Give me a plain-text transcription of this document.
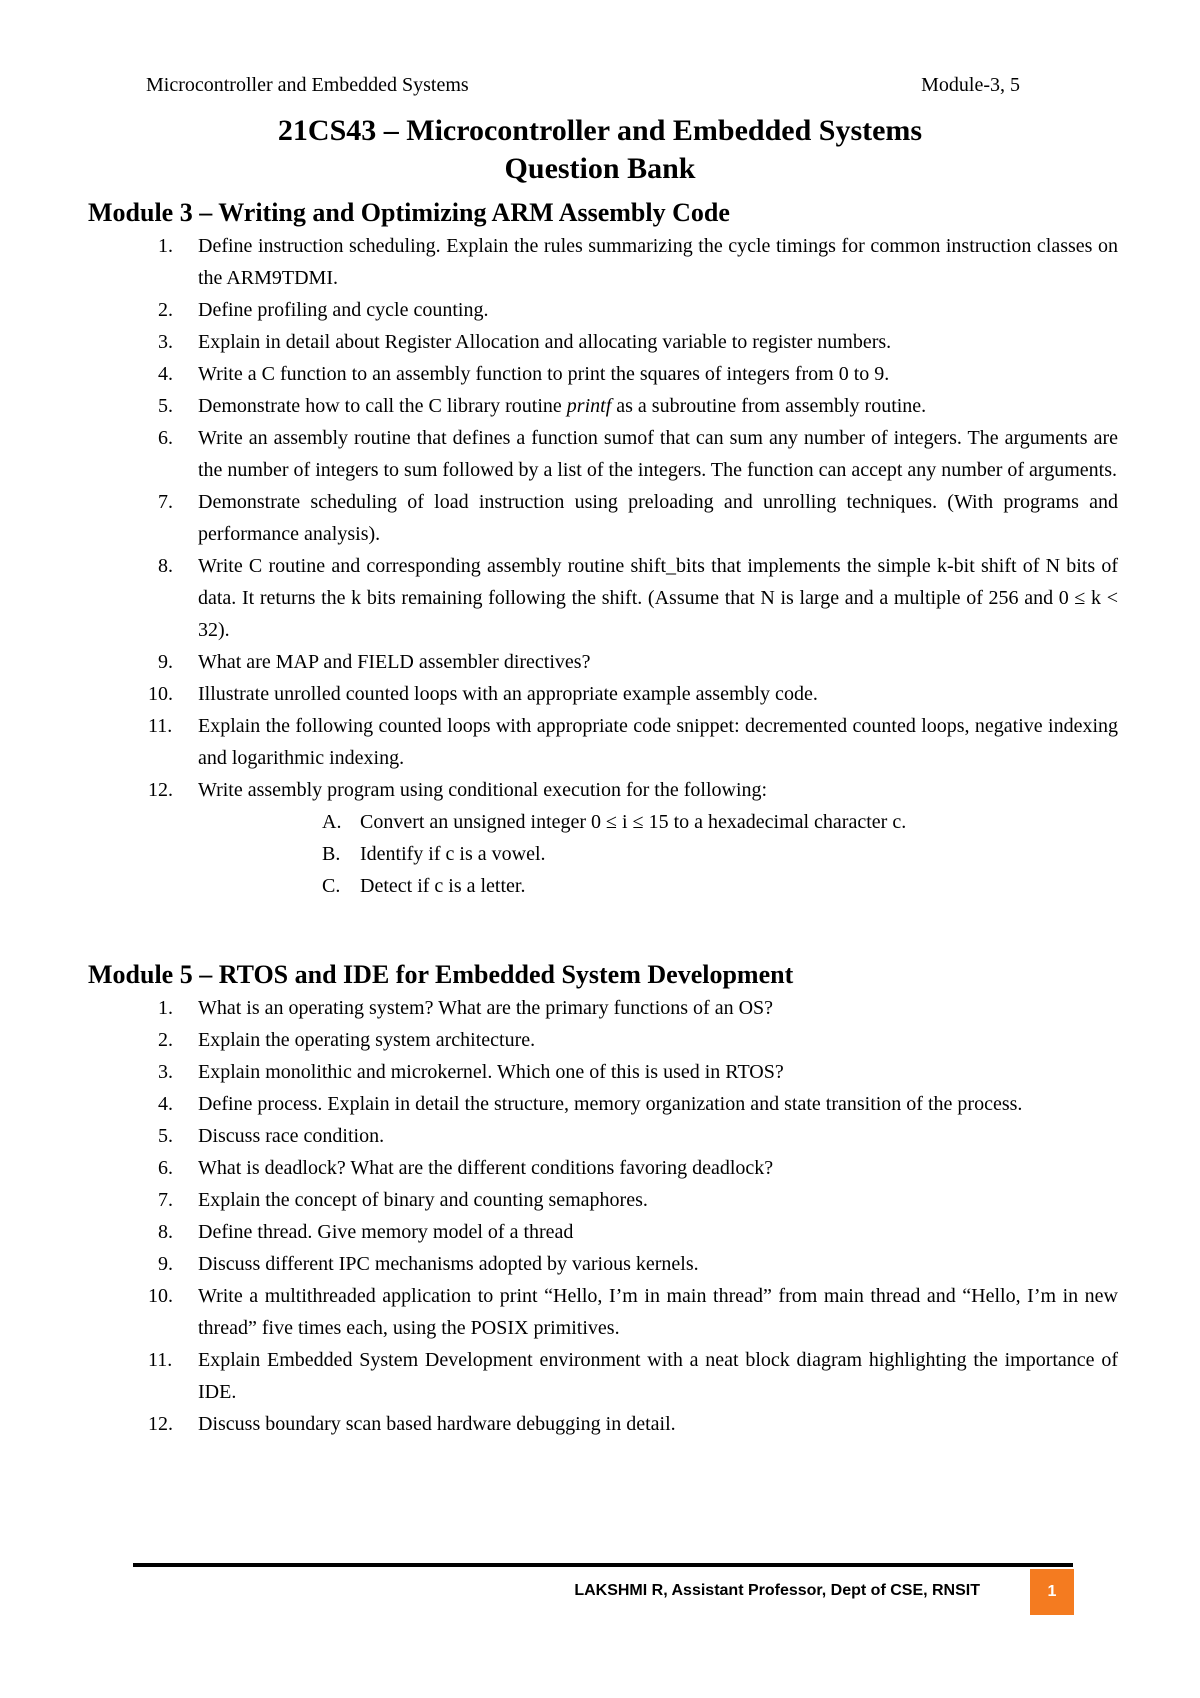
Microcontroller and Embedded Systems	Module-3, 5
21CS43 – Microcontroller and Embedded Systems
Question Bank
Module 3 – Writing and Optimizing ARM Assembly Code
1.	Define instruction scheduling. Explain the rules summarizing the cycle timings for common instruction classes on the ARM9TDMI.
2.	Define profiling and cycle counting.
3.	Explain in detail about Register Allocation and allocating variable to register numbers.
4.	Write a C function to an assembly function to print the squares of integers from 0 to 9.
5.	Demonstrate how to call the C library routine printf as a subroutine from assembly routine.
6.	Write an assembly routine that defines a function sumof that can sum any number of integers. The arguments are the number of integers to sum followed by a list of the integers. The function can accept any number of arguments.
7.	Demonstrate scheduling of load instruction using preloading and unrolling techniques. (With programs and performance analysis).
8.	Write C routine and corresponding assembly routine shift_bits that implements the simple k-bit shift of N bits of data. It returns the k bits remaining following the shift. (Assume that N is large and a multiple of 256 and 0 ≤ k < 32).
9.	What are MAP and FIELD assembler directives?
10.	Illustrate unrolled counted loops with an appropriate example assembly code.
11.	Explain the following counted loops with appropriate code snippet: decremented counted loops, negative indexing and logarithmic indexing.
12.	Write assembly program using conditional execution for the following:
A. Convert an unsigned integer 0 ≤ i ≤ 15 to a hexadecimal character c.
B. Identify if c is a vowel.
C. Detect if c is a letter.
Module 5 – RTOS and IDE for Embedded System Development
1.	What is an operating system? What are the primary functions of an OS?
2.	Explain the operating system architecture.
3.	Explain monolithic and microkernel. Which one of this is used in RTOS?
4.	Define process. Explain in detail the structure, memory organization and state transition of the process.
5.	Discuss race condition.
6.	What is deadlock? What are the different conditions favoring deadlock?
7.	Explain the concept of binary and counting semaphores.
8.	Define thread. Give memory model of a thread
9.	Discuss different IPC mechanisms adopted by various kernels.
10.	Write a multithreaded application to print “Hello, I’m in main thread” from main thread and “Hello, I’m in new thread” five times each, using the POSIX primitives.
11.	Explain Embedded System Development environment with a neat block diagram highlighting the importance of IDE.
12.	Discuss boundary scan based hardware debugging in detail.
LAKSHMI R, Assistant Professor, Dept of CSE, RNSIT	1
